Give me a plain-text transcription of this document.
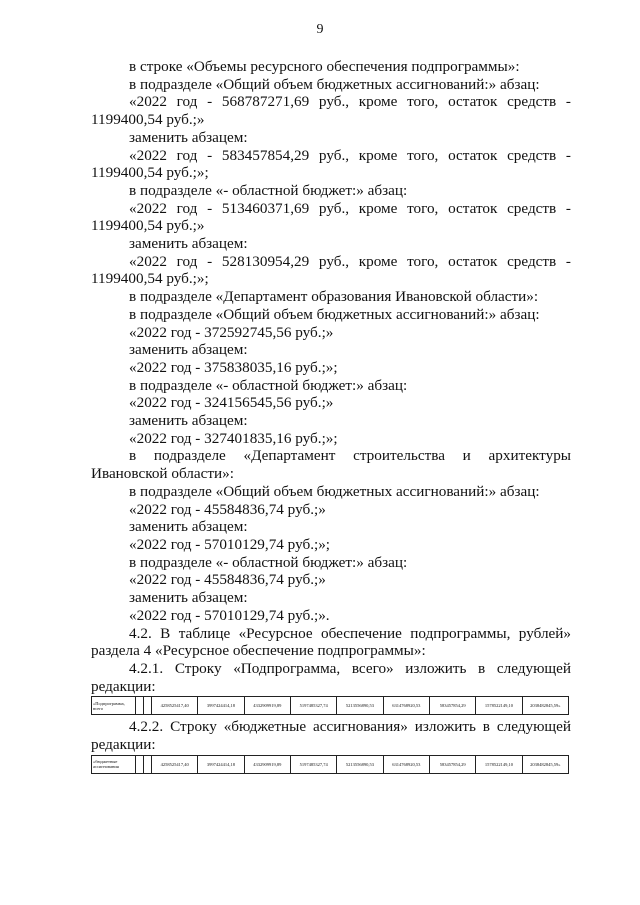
9

в строке «Объемы ресурсного обеспечения подпрограммы»:

в подразделе «Общий объем бюджетных ассигнований:» абзац:

«2022 год - 568787271,69 руб., кроме того, остаток средств -

1199400,54 руб.;»

заменить абзацем:

«2022 год - 583457854,29 руб., кроме того, остаток средств -

1199400,54 руб.;»;

в подразделе «- областной бюджет:» абзац:

«2022 год - 513460371,69 руб., кроме того, остаток средств -

1199400,54 руб.;»

заменить абзацем:

«2022 год - 528130954,29 руб., кроме того, остаток средств -

1199400,54 руб.;»;

в подразделе «Департамент образования Ивановской области»:

в подразделе «Общий объем бюджетных ассигнований:» абзац:

«2022 год - 372592745,56 руб.;»

заменить абзацем:

«2022 год - 375838035,16 руб.;»;

в подразделе «- областной бюджет:» абзац:

«2022 год - 324156545,56 руб.;»

заменить абзацем:

«2022 год - 327401835,16 руб.;»;

в подразделе «Департамент строительства и архитектуры

Ивановской области»:

в подразделе «Общий объем бюджетных ассигнований:» абзац:

«2022 год - 45584836,74 руб.;»

заменить абзацем:

«2022 год - 57010129,74 руб.;»;

в подразделе «- областной бюджет:» абзац:

«2022 год - 45584836,74 руб.;»

заменить абзацем:

«2022 год - 57010129,74 руб.;».

4.2. В таблице «Ресурсное обеспечение подпрограммы, рублей»

раздела 4 «Ресурсное обеспечение подпрограммы»:

4.2.1. Строку «Подпрограмма, всего» изложить в следующей

редакции:

«Подпрограмма, всего			4258525417,40	3997424414,18	4332909919,89	5197485327,74	5213556890,53	6314768920,53	583457854,29	1578522149,10	2038482845,59»

4.2.2. Строку «бюджетные ассигнования» изложить в следующей

редакции:

«бюджетные ассигнования			4258525417,40	3997424414,18	4332909919,89	5197485327,74	5213556890,53	6314768920,53	583457854,29	1578522149,10	2038482845,59»
